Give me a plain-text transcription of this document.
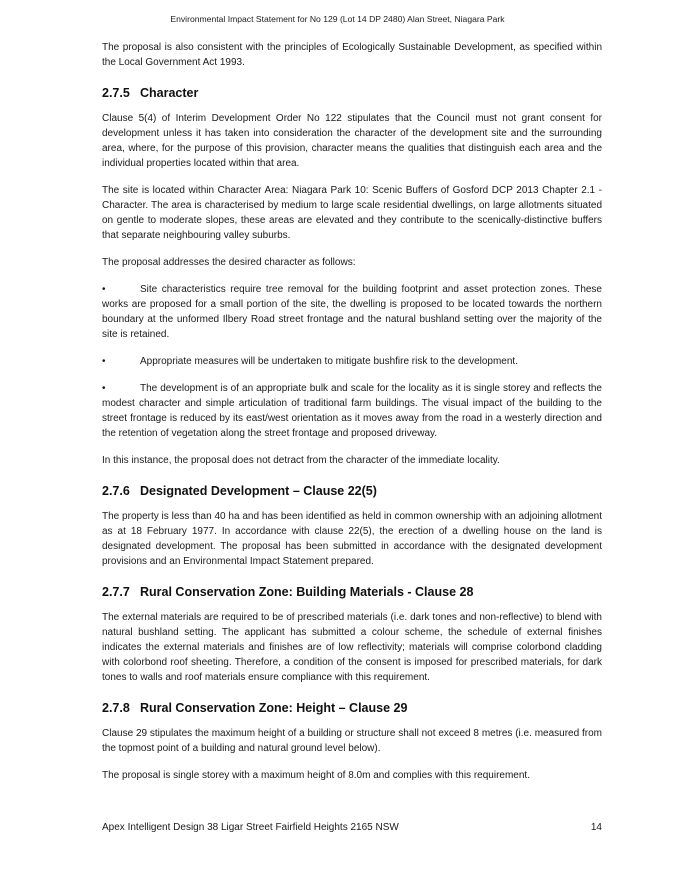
Environmental Impact Statement for No 129 (Lot 14 DP 2480) Alan Street, Niagara Park

The proposal is also consistent with the principles of Ecologically Sustainable Development, as specified within the Local Government Act 1993.

2.7.5 Character

Clause 5(4) of Interim Development Order No 122 stipulates that the Council must not grant consent for development unless it has taken into consideration the character of the development site and the surrounding area, where, for the purpose of this provision, character means the qualities that distinguish each area and the individual properties located within that area.

The site is located within Character Area: Niagara Park 10: Scenic Buffers of Gosford DCP 2013 Chapter 2.1 - Character. The area is characterised by medium to large scale residential dwellings, on large allotments situated on gentle to moderate slopes, these areas are elevated and they contribute to the scenically-distinctive buffers that separate neighbouring valley suburbs.

The proposal addresses the desired character as follows:

•	Site characteristics require tree removal for the building footprint and asset protection zones. These works are proposed for a small portion of the site, the dwelling is proposed to be located towards the northern boundary at the unformed Ilbery Road street frontage and the natural bushland setting over the majority of the site is retained.
•	Appropriate measures will be undertaken to mitigate bushfire risk to the development.
•	The development is of an appropriate bulk and scale for the locality as it is single storey and reflects the modest character and simple articulation of traditional farm buildings. The visual impact of the building to the street frontage is reduced by its east/west orientation as it moves away from the road in a westerly direction and the retention of vegetation along the street frontage and proposed driveway.

In this instance, the proposal does not detract from the character of the immediate locality.

2.7.6 Designated Development – Clause 22(5)

The property is less than 40 ha and has been identified as held in common ownership with an adjoining allotment as at 18 February 1977. In accordance with clause 22(5), the erection of a dwelling house on the land is designated development. The proposal has been submitted in accordance with the designated development provisions and an Environmental Impact Statement prepared.

2.7.7 Rural Conservation Zone: Building Materials - Clause 28

The external materials are required to be of prescribed materials (i.e. dark tones and non-reflective) to blend with natural bushland setting. The applicant has submitted a colour scheme, the schedule of external finishes indicates the external materials and finishes are of low reflectivity; materials will comprise colorbond cladding with colorbond roof sheeting. Therefore, a condition of the consent is imposed for prescribed materials, for dark tones to walls and roof materials ensure compliance with this requirement.

2.7.8 Rural Conservation Zone: Height – Clause 29

Clause 29 stipulates the maximum height of a building or structure shall not exceed 8 metres (i.e. measured from the topmost point of a building and natural ground level below).

The proposal is single storey with a maximum height of 8.0m and complies with this requirement.

Apex Intelligent Design 38 Ligar Street Fairfield Heights 2165 NSW	14
